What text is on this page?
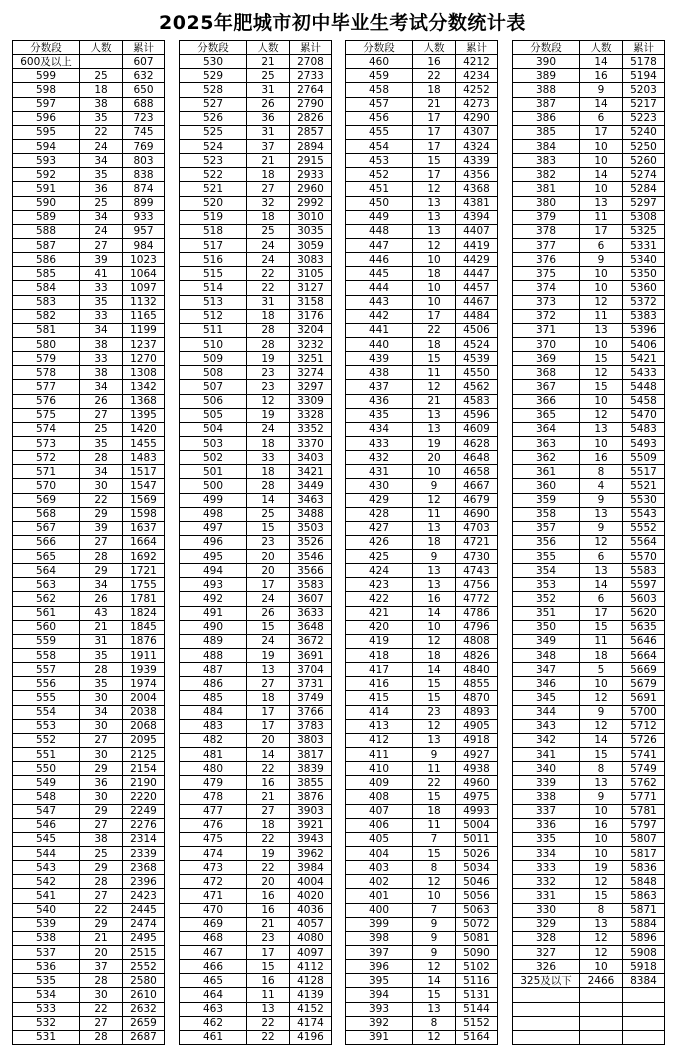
2025年肥城市初中毕业生考试分数统计表
分数段	人数	累计
600及以上		607
599	25	632
598	18	650
597	38	688
596	35	723
595	22	745
594	24	769
593	34	803
592	35	838
591	36	874
590	25	899
589	34	933
588	24	957
587	27	984
586	39	1023
585	41	1064
584	33	1097
583	35	1132
582	33	1165
581	34	1199
580	38	1237
579	33	1270
578	38	1308
577	34	1342
576	26	1368
575	27	1395
574	25	1420
573	35	1455
572	28	1483
571	34	1517
570	30	1547
569	22	1569
568	29	1598
567	39	1637
566	27	1664
565	28	1692
564	29	1721
563	34	1755
562	26	1781
561	43	1824
560	21	1845
559	31	1876
558	35	1911
557	28	1939
556	35	1974
555	30	2004
554	34	2038
553	30	2068
552	27	2095
551	30	2125
550	29	2154
549	36	2190
548	30	2220
547	29	2249
546	27	2276
545	38	2314
544	25	2339
543	29	2368
542	28	2396
541	27	2423
540	22	2445
539	29	2474
538	21	2495
537	20	2515
536	37	2552
535	28	2580
534	30	2610
533	22	2632
532	27	2659
531	28	2687
分数段	人数	累计
530	21	2708
529	25	2733
528	31	2764
527	26	2790
526	36	2826
525	31	2857
524	37	2894
523	21	2915
522	18	2933
521	27	2960
520	32	2992
519	18	3010
518	25	3035
517	24	3059
516	24	3083
515	22	3105
514	22	3127
513	31	3158
512	18	3176
511	28	3204
510	28	3232
509	19	3251
508	23	3274
507	23	3297
506	12	3309
505	19	3328
504	24	3352
503	18	3370
502	33	3403
501	18	3421
500	28	3449
499	14	3463
498	25	3488
497	15	3503
496	23	3526
495	20	3546
494	20	3566
493	17	3583
492	24	3607
491	26	3633
490	15	3648
489	24	3672
488	19	3691
487	13	3704
486	27	3731
485	18	3749
484	17	3766
483	17	3783
482	20	3803
481	14	3817
480	22	3839
479	16	3855
478	21	3876
477	27	3903
476	18	3921
475	22	3943
474	19	3962
473	22	3984
472	20	4004
471	16	4020
470	16	4036
469	21	4057
468	23	4080
467	17	4097
466	15	4112
465	16	4128
464	11	4139
463	13	4152
462	22	4174
461	22	4196
分数段	人数	累计
460	16	4212
459	22	4234
458	18	4252
457	21	4273
456	17	4290
455	17	4307
454	17	4324
453	15	4339
452	17	4356
451	12	4368
450	13	4381
449	13	4394
448	13	4407
447	12	4419
446	10	4429
445	18	4447
444	10	4457
443	10	4467
442	17	4484
441	22	4506
440	18	4524
439	15	4539
438	11	4550
437	12	4562
436	21	4583
435	13	4596
434	13	4609
433	19	4628
432	20	4648
431	10	4658
430	9	4667
429	12	4679
428	11	4690
427	13	4703
426	18	4721
425	9	4730
424	13	4743
423	13	4756
422	16	4772
421	14	4786
420	10	4796
419	12	4808
418	18	4826
417	14	4840
416	15	4855
415	15	4870
414	23	4893
413	12	4905
412	13	4918
411	9	4927
410	11	4938
409	22	4960
408	15	4975
407	18	4993
406	11	5004
405	7	5011
404	15	5026
403	8	5034
402	12	5046
401	10	5056
400	7	5063
399	9	5072
398	9	5081
397	9	5090
396	12	5102
395	14	5116
394	15	5131
393	13	5144
392	8	5152
391	12	5164
分数段	人数	累计
390	14	5178
389	16	5194
388	9	5203
387	14	5217
386	6	5223
385	17	5240
384	10	5250
383	10	5260
382	14	5274
381	10	5284
380	13	5297
379	11	5308
378	17	5325
377	6	5331
376	9	5340
375	10	5350
374	10	5360
373	12	5372
372	11	5383
371	13	5396
370	10	5406
369	15	5421
368	12	5433
367	15	5448
366	10	5458
365	12	5470
364	13	5483
363	10	5493
362	16	5509
361	8	5517
360	4	5521
359	9	5530
358	13	5543
357	9	5552
356	12	5564
355	6	5570
354	13	5583
353	14	5597
352	6	5603
351	17	5620
350	15	5635
349	11	5646
348	18	5664
347	5	5669
346	10	5679
345	12	5691
344	9	5700
343	12	5712
342	14	5726
341	15	5741
340	8	5749
339	13	5762
338	9	5771
337	10	5781
336	16	5797
335	10	5807
334	10	5817
333	19	5836
332	12	5848
331	15	5863
330	8	5871
329	13	5884
328	12	5896
327	12	5908
326	10	5918
325及以下	2466	8384
